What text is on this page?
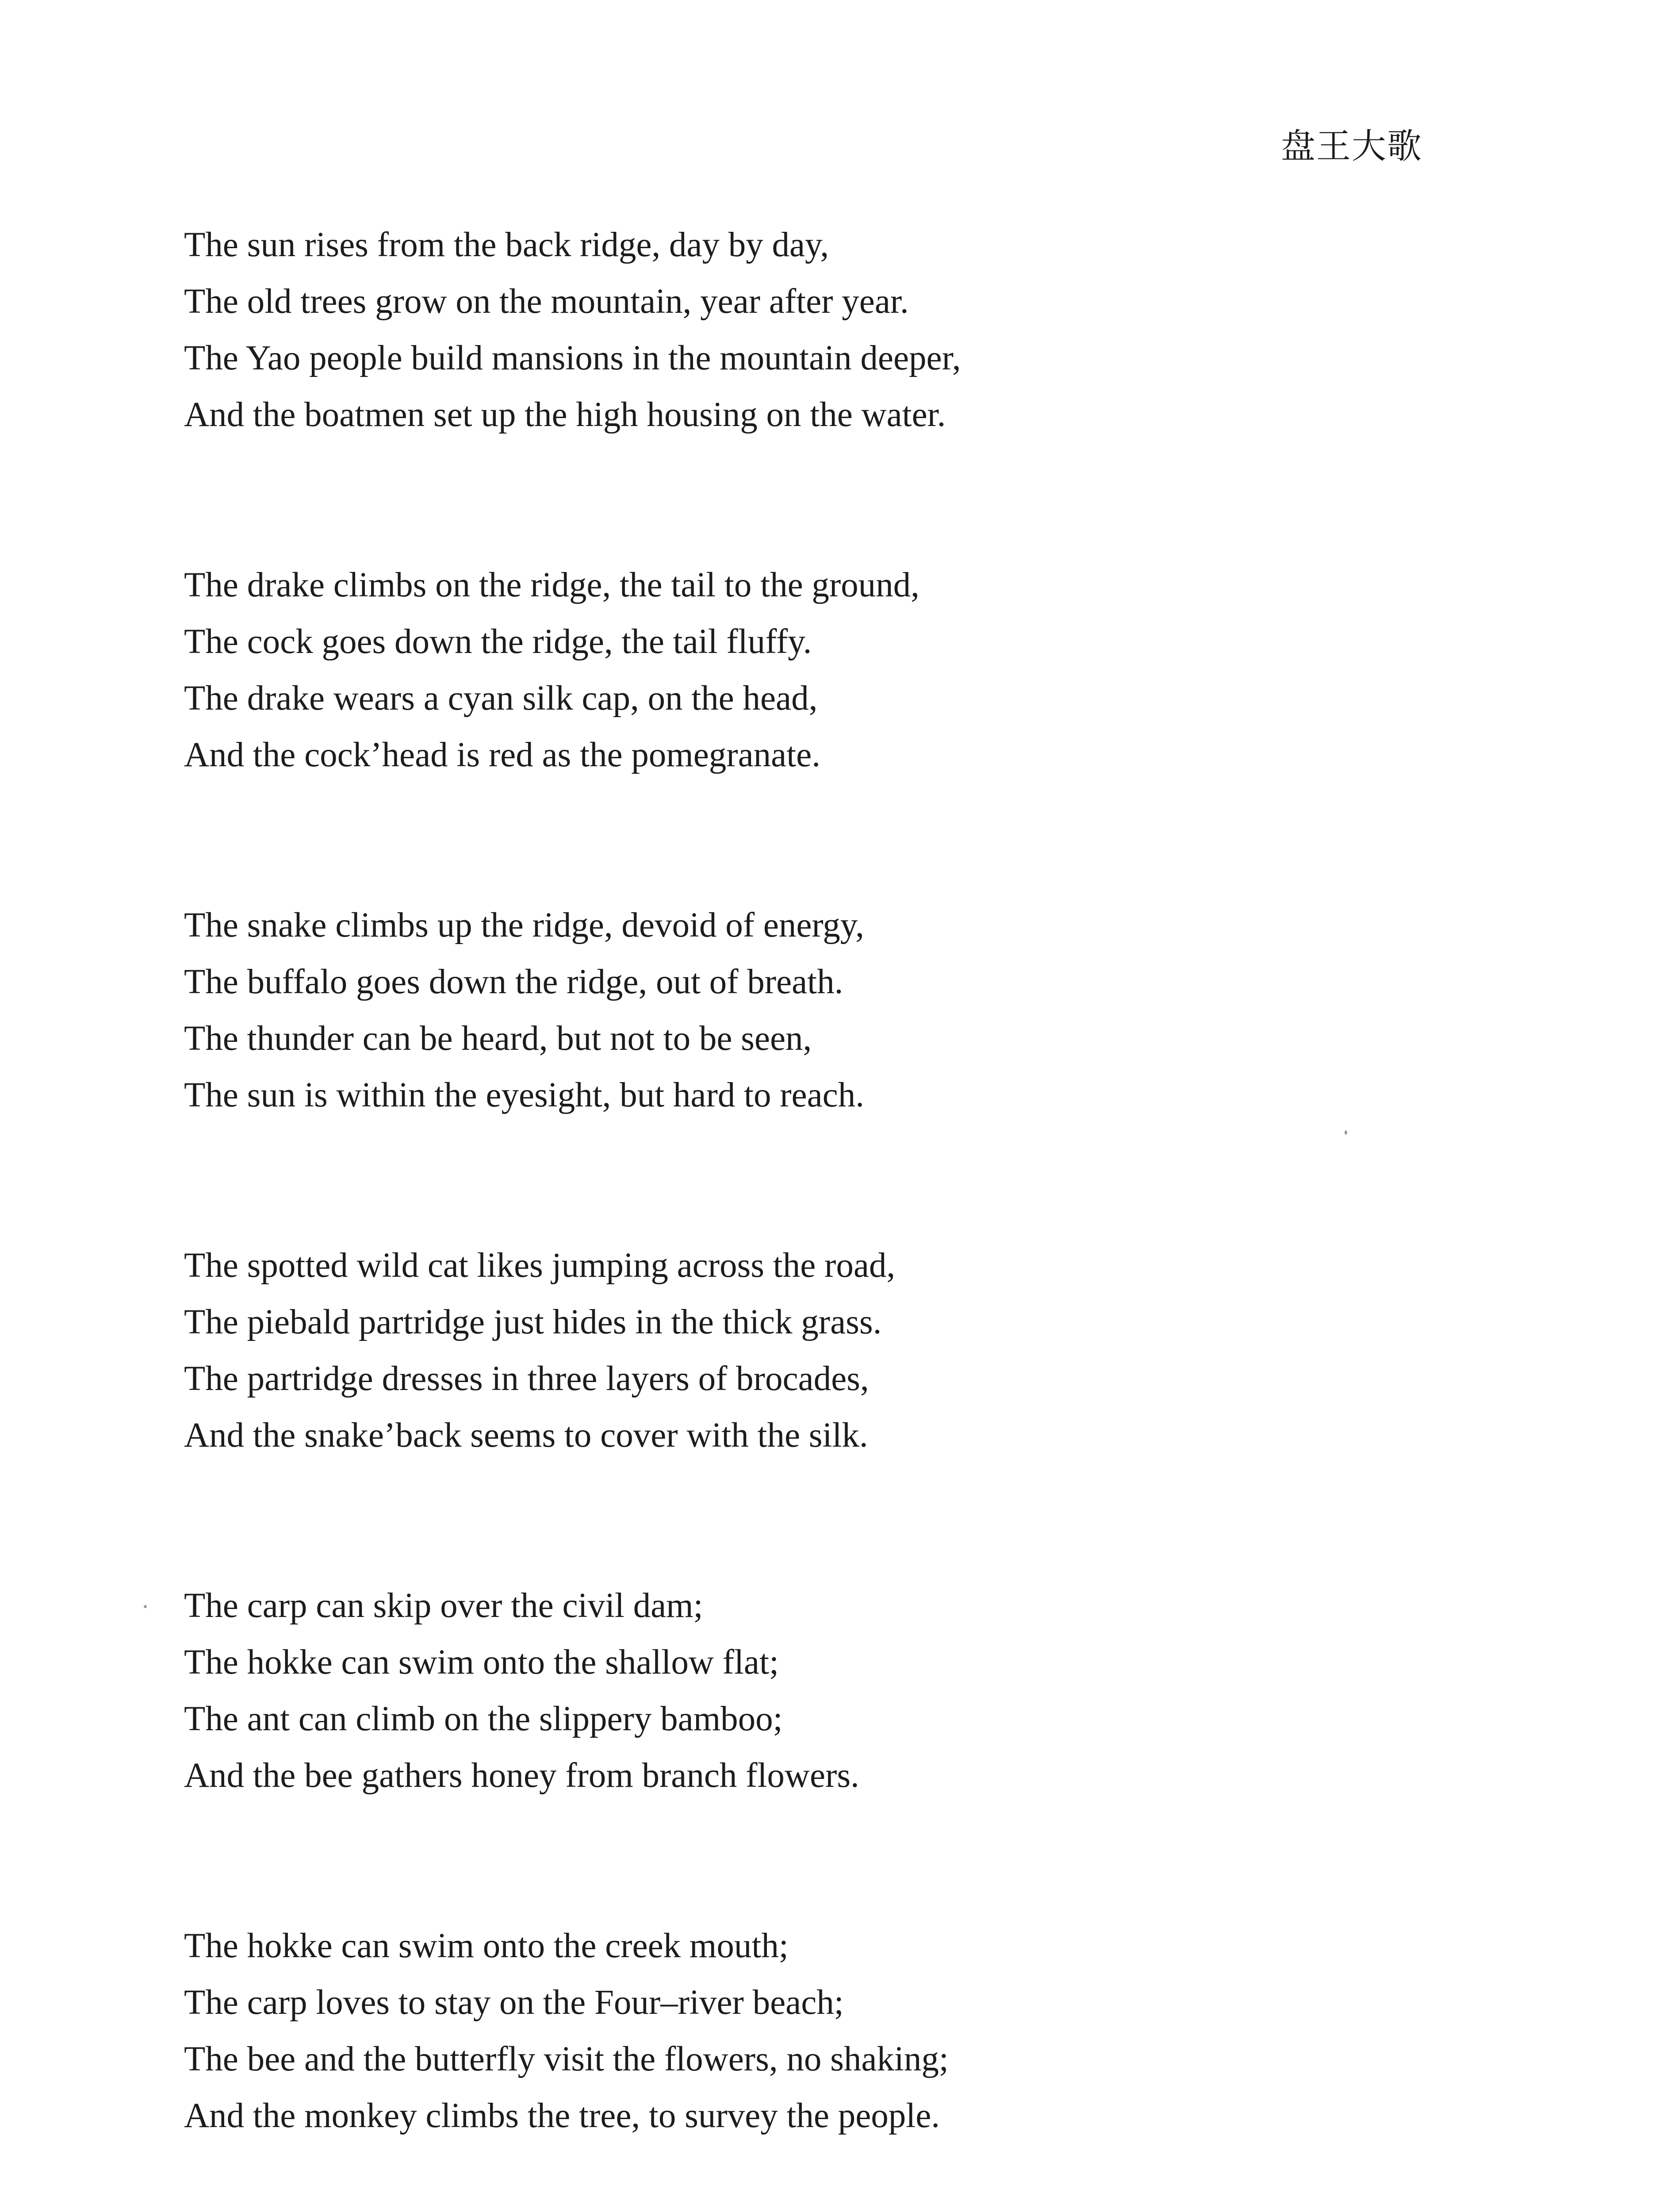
盘王大歌
The sun rises from the back ridge, day by day,
The old trees grow on the mountain, year after year.
The Yao people build mansions in the mountain deeper,
And the boatmen set up the high housing on the water.
The drake climbs on the ridge, the tail to the ground,
The cock goes down the ridge, the tail fluffy.
The drake wears a cyan silk cap, on the head,
And the cock’head is red as the pomegranate.
The snake climbs up the ridge, devoid of energy,
The buffalo goes down the ridge, out of breath.
The thunder can be heard, but not to be seen,
The sun is within the eyesight, but hard to reach.
The spotted wild cat likes jumping across the road,
The piebald partridge just hides in the thick grass.
The partridge dresses in three layers of brocades,
And the snake’back seems to cover with the silk.
The carp can skip over the civil dam;
The hokke can swim onto the shallow flat;
The ant can climb on the slippery bamboo;
And the bee gathers honey from branch flowers.
The hokke can swim onto the creek mouth;
The carp loves to stay on the Four–river beach;
The bee and the butterfly visit the flowers, no shaking;
And the monkey climbs the tree, to survey the people.
